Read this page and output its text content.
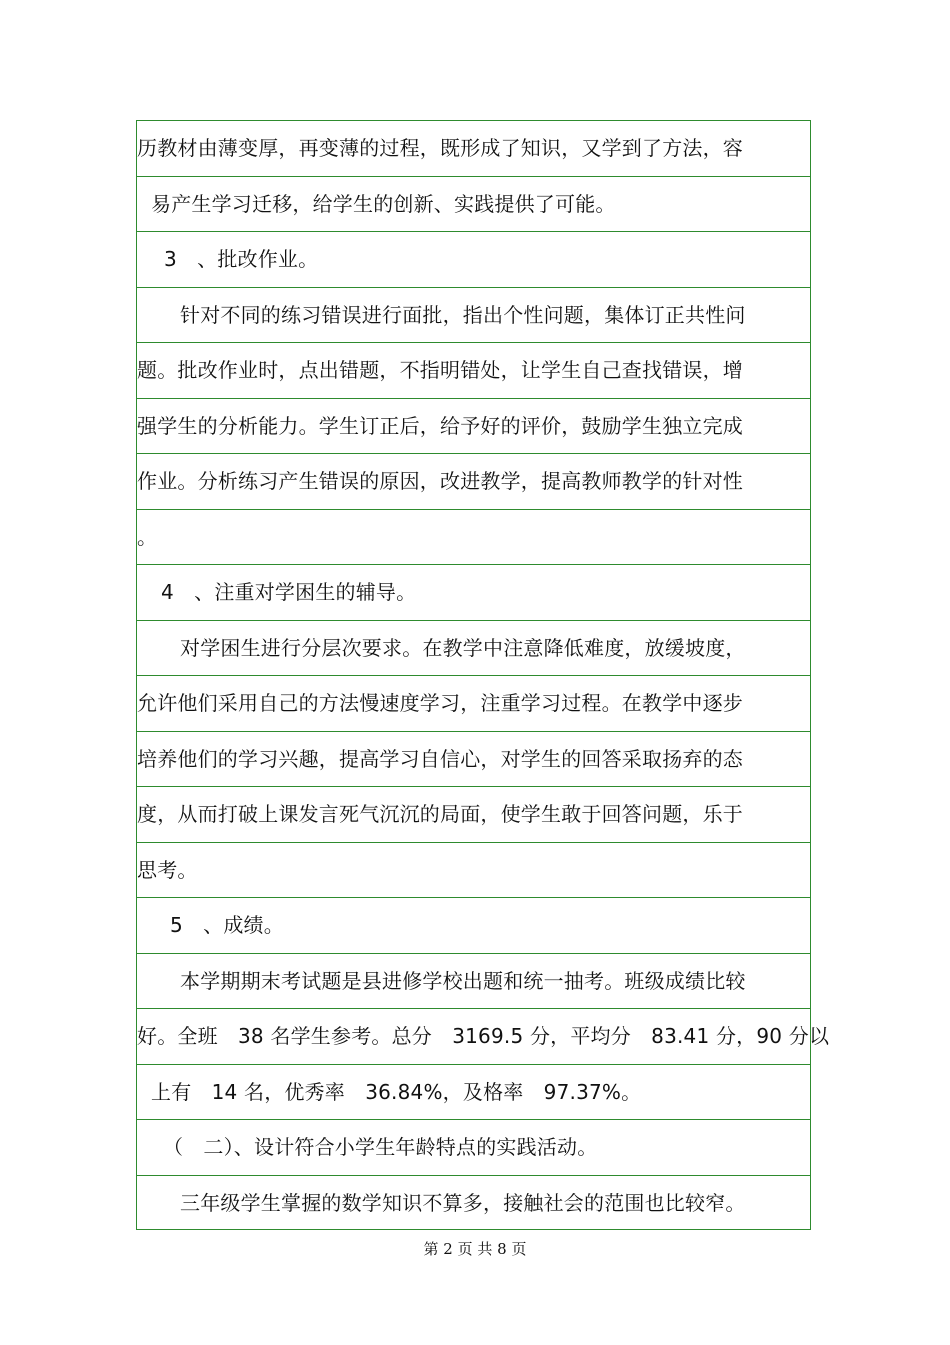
历教材由薄变厚，再变薄的过程，既形成了知识，又学到了方法，容
易产生学习迁移，给学生的创新、实践提供了可能。
3　、批改作业。
针对不同的练习错误进行面批，指出个性问题，集体订正共性问
题。批改作业时，点出错题，不指明错处，让学生自己查找错误，增
强学生的分析能力。学生订正后，给予好的评价，鼓励学生独立完成
作业。分析练习产生错误的原因，改进教学，提高教师教学的针对性
。
4　、注重对学困生的辅导。
对学困生进行分层次要求。在教学中注意降低难度，放缓坡度，
允许他们采用自己的方法慢速度学习，注重学习过程。在教学中逐步
培养他们的学习兴趣，提高学习自信心，对学生的回答采取扬弃的态
度，从而打破上课发言死气沉沉的局面，使学生敢于回答问题，乐于
思考。
5　、成绩。
本学期期末考试题是县进修学校出题和统一抽考。班级成绩比较
好。全班　38 名学生参考。总分　3169.5 分，平均分　83.41 分，90 分以
上有　14 名，优秀率　36.84%，及格率　97.37%。
（　二）、设计符合小学生年龄特点的实践活动。
三年级学生掌握的数学知识不算多，接触社会的范围也比较窄。
第 2 页 共 8 页
